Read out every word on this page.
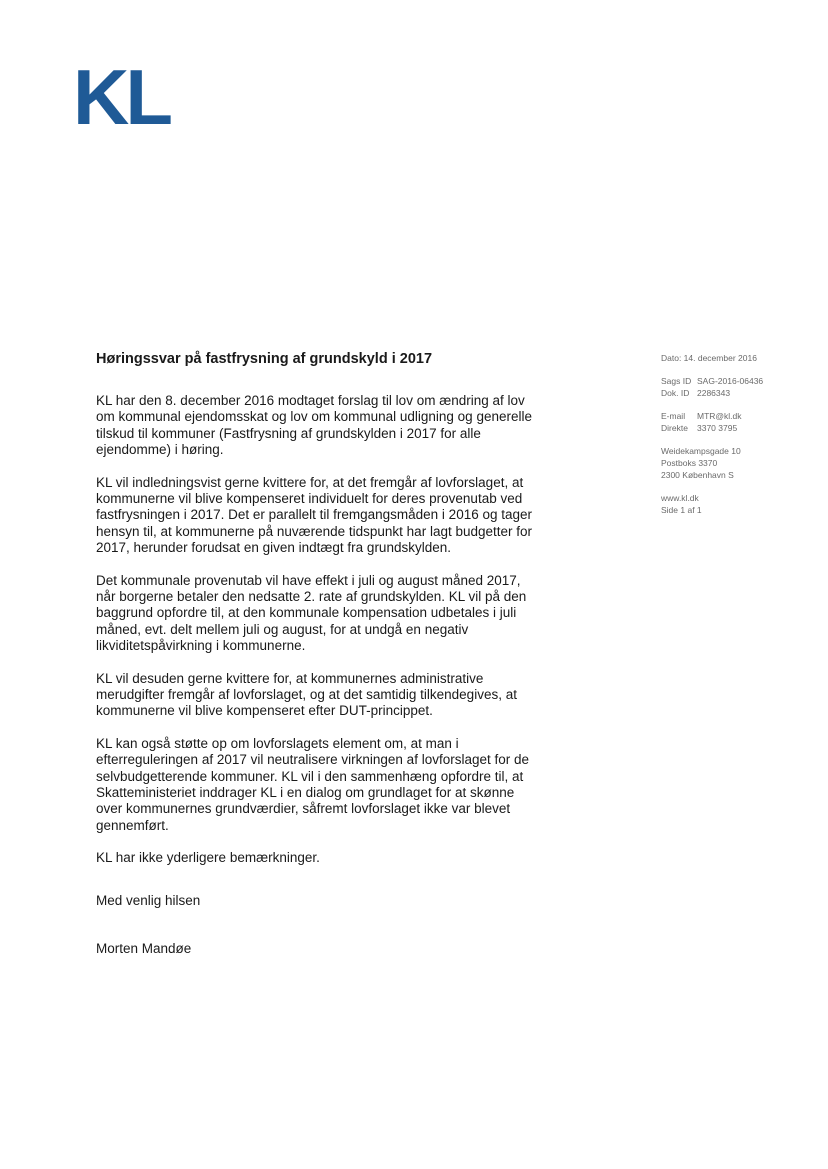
KL
Høringssvar på fastfrysning af grundskyld i 2017

KL har den 8. december 2016 modtaget forslag til lov om ændring af lov
om kommunal ejendomsskat og lov om kommunal udligning og generelle
tilskud til kommuner (Fastfrysning af grundskylden i 2017 for alle
ejendomme) i høring.

KL vil indledningsvist gerne kvittere for, at det fremgår af lovforslaget, at
kommunerne vil blive kompenseret individuelt for deres provenutab ved
fastfrysningen i 2017. Det er parallelt til fremgangsmåden i 2016 og tager
hensyn til, at kommunerne på nuværende tidspunkt har lagt budgetter for
2017, herunder forudsat en given indtægt fra grundskylden.

Det kommunale provenutab vil have effekt i juli og august måned 2017,
når borgerne betaler den nedsatte 2. rate af grundskylden. KL vil på den
baggrund opfordre til, at den kommunale kompensation udbetales i juli
måned, evt. delt mellem juli og august, for at undgå en negativ
likviditetspåvirkning i kommunerne.

KL vil desuden gerne kvittere for, at kommunernes administrative
merudgifter fremgår af lovforslaget, og at det samtidig tilkendegives, at
kommunerne vil blive kompenseret efter DUT-princippet.

KL kan også støtte op om lovforslagets element om, at man i
efterreguleringen af 2017 vil neutralisere virkningen af lovforslaget for de
selvbudgetterende kommuner. KL vil i den sammenhæng opfordre til, at
Skatteministeriet inddrager KL i en dialog om grundlaget for at skønne
over kommunernes grundværdier, såfremt lovforslaget ikke var blevet
gennemført.

KL har ikke yderligere bemærkninger.

Med venlig hilsen
Morten Mandøe
Dato: 14. december 2016
Sags ID SAG-2016-06436
Dok. ID 2286343
E-mail	MTR@kl.dk
Direkte	3370 3795
Weidekampsgade 10
Postboks 3370
2300 København S
www.kl.dk
Side 1 af 1
